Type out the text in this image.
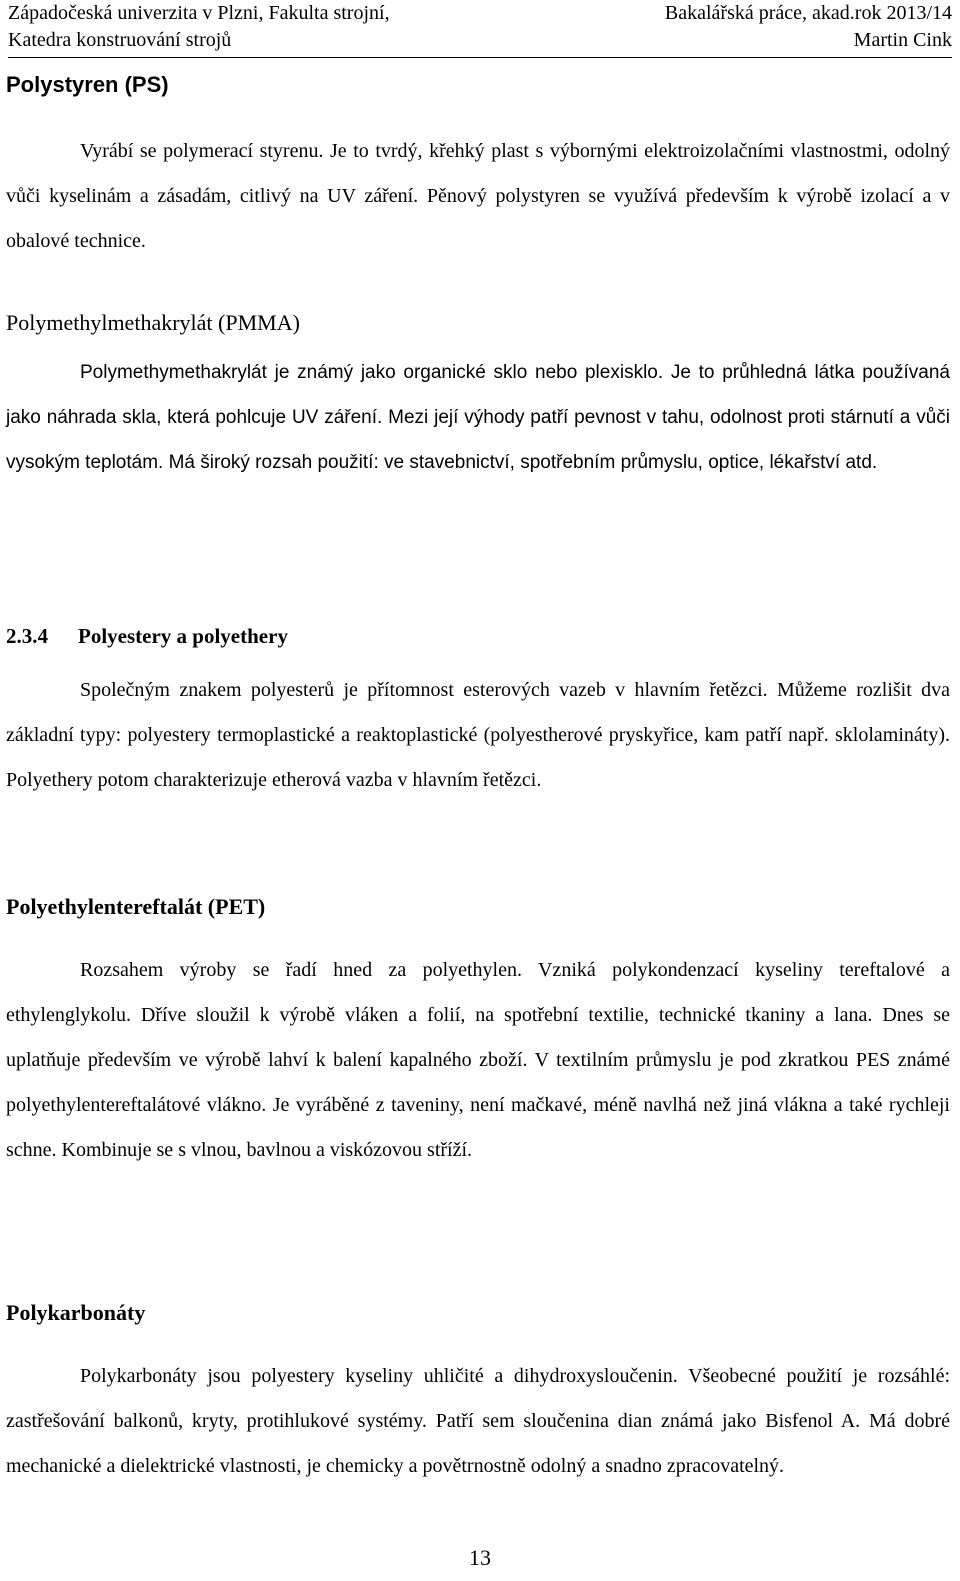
Západočeská univerzita v Plzni, Fakulta strojní,	Bakalářská práce, akad.rok 2013/14
Katedra konstruování strojů	Martin Cink
Polystyren (PS)

Vyrábí se polymerací styrenu. Je to tvrdý, křehký plast s výbornými elektroizolačními vlastnostmi, odolný vůči kyselinám a zásadám, citlivý na UV záření. Pěnový polystyren se využívá především k výrobě izolací a v obalové technice.

Polymethylmethakrylát (PMMA)

Polymethymethakrylát je známý jako organické sklo nebo plexisklo. Je to průhledná látka používaná jako náhrada skla, která pohlcuje UV záření. Mezi její výhody patří pevnost v tahu, odolnost proti stárnutí a vůči vysokým teplotám. Má široký rozsah použití: ve stavebnictví, spotřebním průmyslu, optice, lékařství atd.

2.3.4 Polyestery a polyethery

Společným znakem polyesterů je přítomnost esterových vazeb v hlavním řetězci. Můžeme rozlišit dva základní typy: polyestery termoplastické a reaktoplastické (polyestherové pryskyřice, kam patří např. sklolamináty). Polyethery potom charakterizuje etherová vazba v hlavním řetězci.

Polyethylentereftalát (PET)

Rozsahem výroby se řadí hned za polyethylen. Vzniká polykondenzací kyseliny tereftalové a ethylenglykolu. Dříve sloužil k výrobě vláken a folií, na spotřební textilie, technické tkaniny a lana. Dnes se uplatňuje především ve výrobě lahví k balení kapalného zboží. V textilním průmyslu je pod zkratkou PES známé polyethylentereftalátové vlákno. Je vyráběné z taveniny, není mačkavé, méně navlhá než jiná vlákna a také rychleji schne. Kombinuje se s vlnou, bavlnou a viskózovou stříží.

Polykarbonáty

Polykarbonáty jsou polyestery kyseliny uhličité a dihydroxysloučenin. Všeobecné použití je rozsáhlé: zastřešování balkonů, kryty, protihlukové systémy. Patří sem sloučenina dian známá jako Bisfenol A. Má dobré mechanické a dielektrické vlastnosti, je chemicky a povětrnostně odolný a snadno zpracovatelný.

13
